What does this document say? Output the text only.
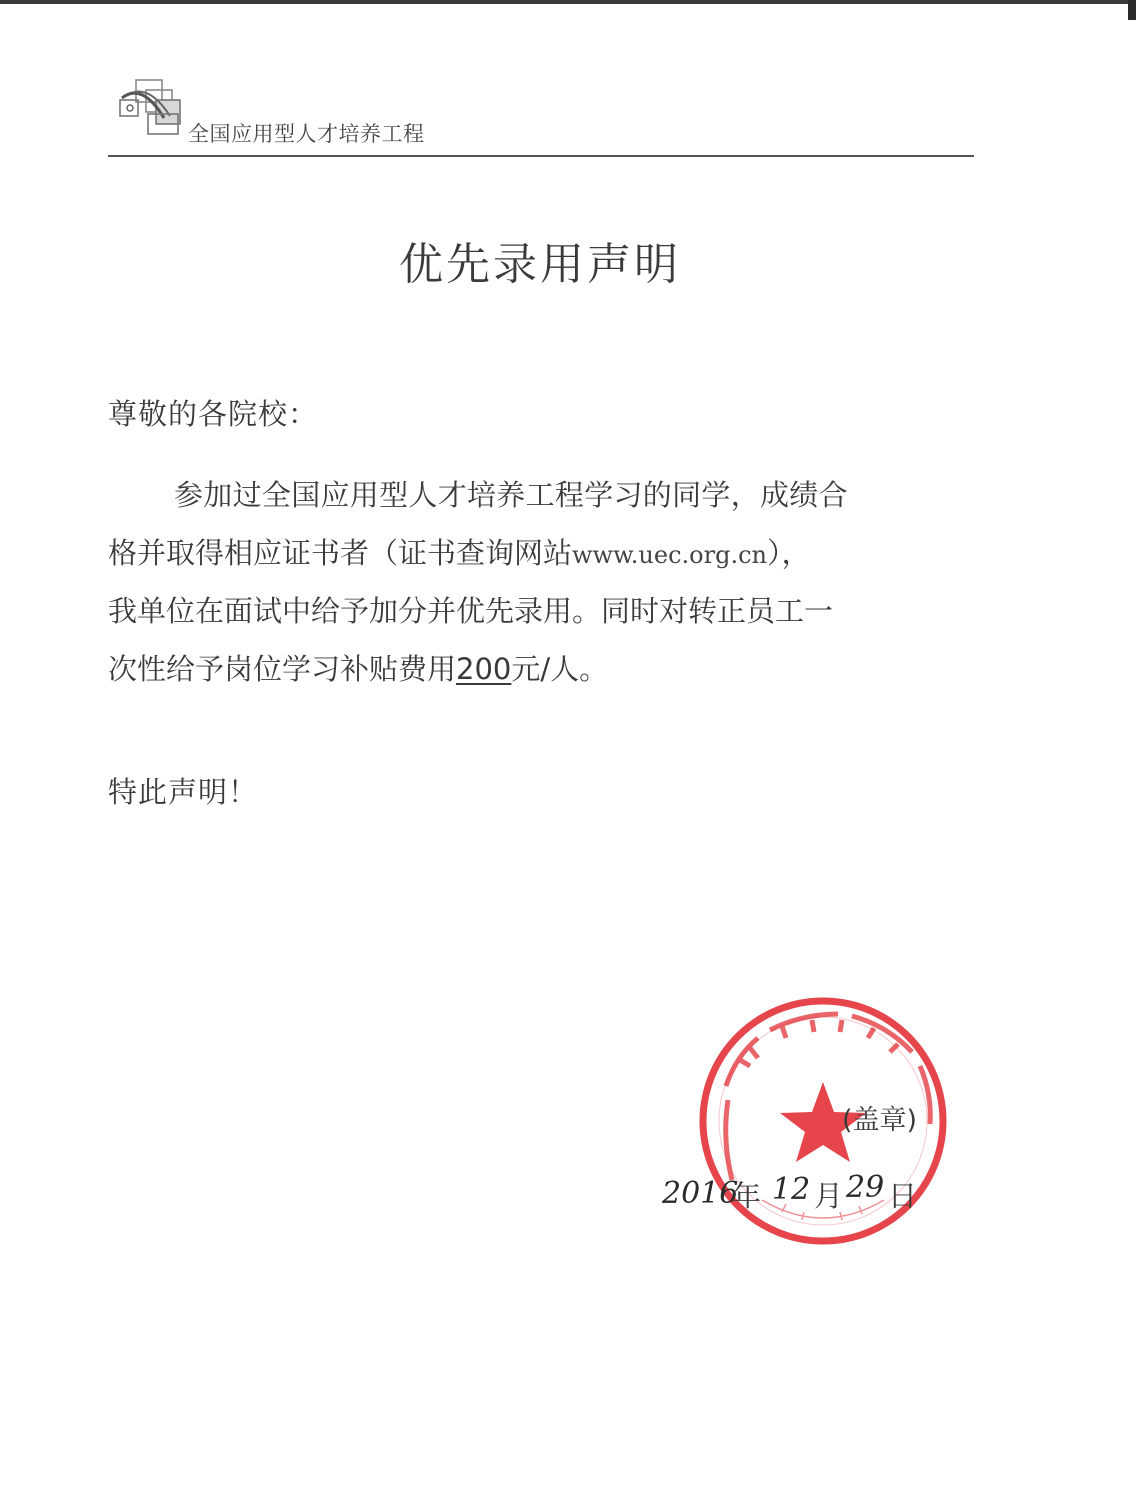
全国应用型人才培养工程
优先录用声明
尊敬的各院校：
参加过全国应用型人才培养工程学习的同学，成绩合
格并取得相应证书者（证书查询网站www.uec.org.cn），
我单位在面试中给予加分并优先录用。同时对转正员工一
次性给予岗位学习补贴费用200元/人。
特此声明！
(盖章)
2016
年 12 月 29 日
